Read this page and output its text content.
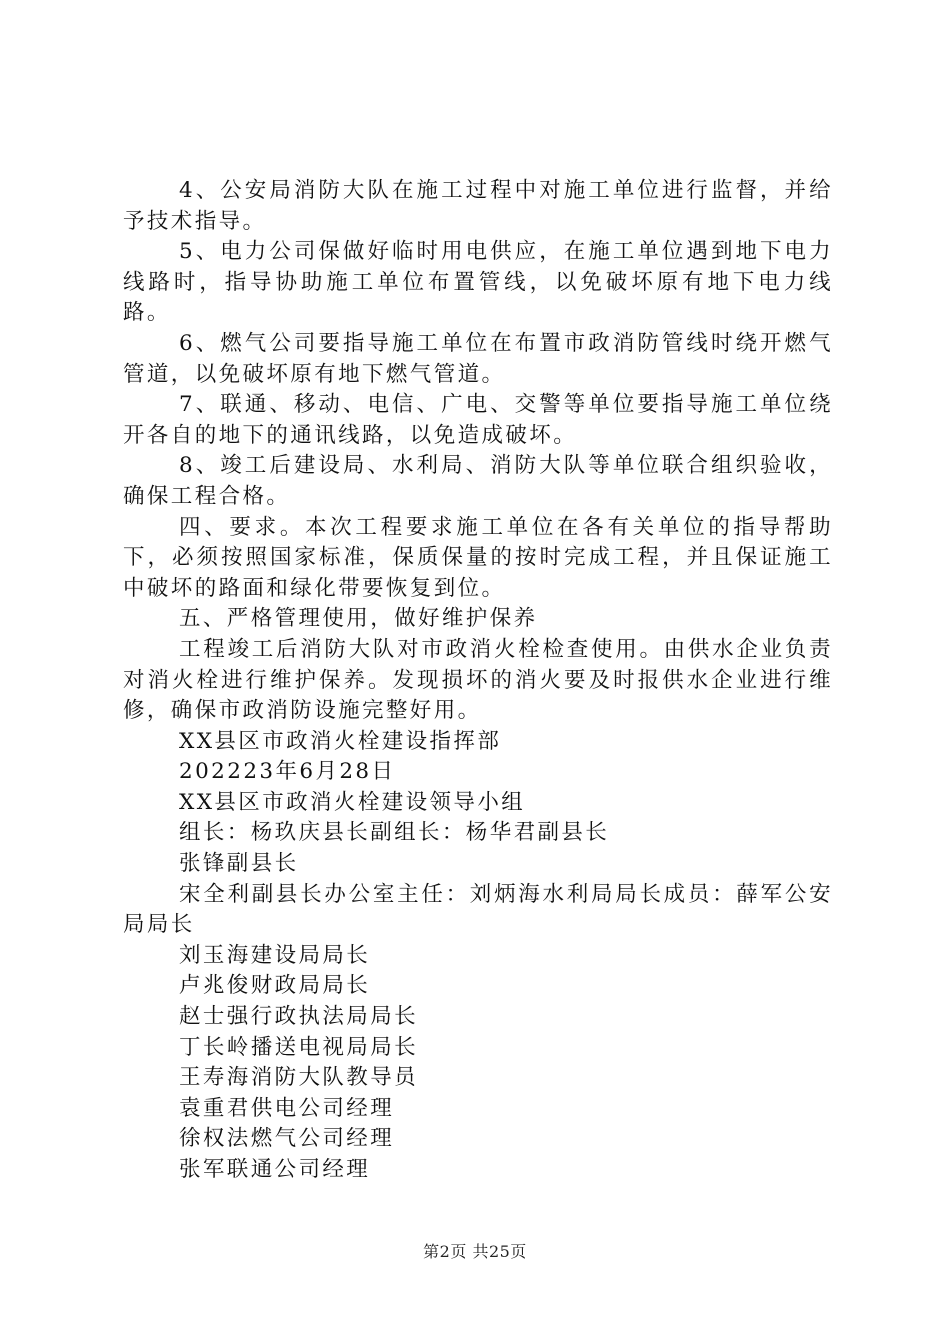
4、公安局消防大队在施工过程中对施工单位进行监督，并给予技术指导。

5、电力公司保做好临时用电供应，在施工单位遇到地下电力线路时，指导协助施工单位布置管线，以免破坏原有地下电力线路。

6、燃气公司要指导施工单位在布置市政消防管线时绕开燃气管道，以免破坏原有地下燃气管道。

7、联通、移动、电信、广电、交警等单位要指导施工单位绕开各自的地下的通讯线路，以免造成破坏。

8、竣工后建设局、水利局、消防大队等单位联合组织验收，确保工程合格。

四、要求。本次工程要求施工单位在各有关单位的指导帮助下，必须按照国家标准，保质保量的按时完成工程，并且保证施工中破坏的路面和绿化带要恢复到位。

五、严格管理使用，做好维护保养

工程竣工后消防大队对市政消火栓检查使用。由供水企业负责对消火栓进行维护保养。发现损坏的消火要及时报供水企业进行维修，确保市政消防设施完整好用。

XX县区市政消火栓建设指挥部

202223年6月28日

XX县区市政消火栓建设领导小组

组长：杨玖庆县长副组长：杨华君副县长

张锋副县长

宋全利副县长办公室主任：刘炳海水利局局长成员：薛军公安局局长

刘玉海建设局局长

卢兆俊财政局局长

赵士强行政执法局局长

丁长岭播送电视局局长

王寿海消防大队教导员

袁重君供电公司经理

徐权法燃气公司经理

张军联通公司经理

第2页 共25页
